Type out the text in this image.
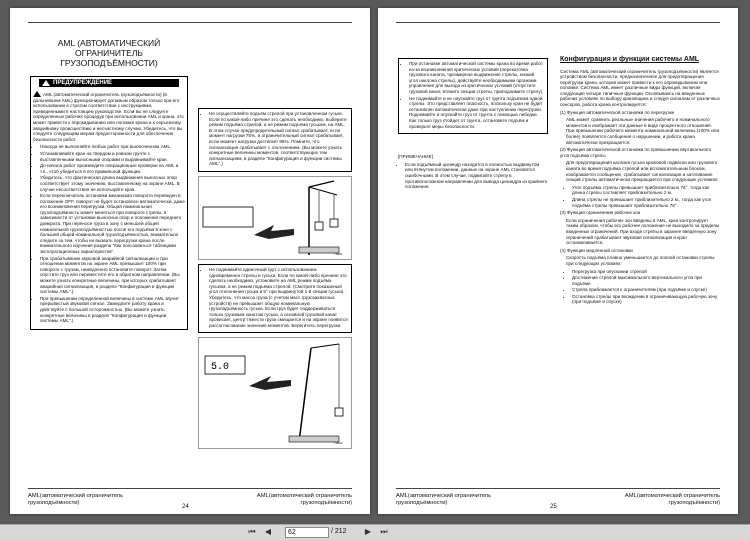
AML (АВТОМАТИЧЕСКИЙ ОГРАНИЧИТЕЛЬ ГРУЗОПОДЪЁМНОСТИ)
ПРЕДУПРЕЖДЕНИЕ

AML (автоматический ограничитель грузоподъёмности) (в дальнейшем AML) функционирует должным образом только при его использовании в строгом соответствии с инструкциями, приведенными в настоящем руководстве. Если вы не следуете определенных рабочих процедур при использовании AML и крана, это может привести к опрокидыванию или поломке крана и к серьезному аварийному происшествию и несчастному случаю. Убедитесь, что вы следуете следующим мерам предосторожности для обеспечения безопасности работ.

• Никогда не выполняйте любых работ при выключенном AML.
• Устанавливайте кран на твердом и ровном грунте с выставленными выносными опорами и выравнивайте кран.
• До начала работ произведите операционные проверки на AML и т.п., чтоб убедиться в его правильной функции.
• Убедитесь, что фактическая длина выдвижения выносных опор соответствует этому значению, выставленному на экране AML. В случае несоответствия не используйте кран.
• Если переключатель остановки механизма поворота переведен в положение OFF, поворот не будет остановлен автоматически, даже его возникновения перегрузки. Общая номинальная грузоподъёмность может меняться при повороте стрелы, в зависимости от установки выносных опор и положения переднего домкрата. При переносе груза в зону с меньшей общей номинальной грузоподъёмностью после его подъёма в зоне с большей общей номинальной грузоподъёмностью, внимательно следите за тем, чтобы не вызвать перегрузки крана после внимательного изучения раздела "Как пользоваться таблицами эксплуатационных характеристик".
• При срабатывании звуковой аварийной сигнализации и при отношении моментов на экране AML превышает 100% при повороте с грузом, немедленно остановите поворот. Затем опустите груз или переместите его в обратном направлении. (Вы можете узнать конкретные величины, при которых срабатывает аварийная сигнализация, в разделе "Конфигурация и функции системы AML".)
• При превышении определенной величины в системе AML звучит прерывистый звуковой сигнал. Замедлите работу крана и действуйте с большой осторожностью. (Вы можете узнать конкретные величины в разделе "Конфигурация и функции системы AML".)
• Не осуществляйте подъём стрелой при установленном гуське. Если по какой-либо причине это сделать необходимо, выберите режим подъёма стрелой, а не режим подъёма гуськом, на AML. В этом случае предупредительный сигнал срабатывает, если момент нагрузки 75%, и ограничительный сигнал срабатывает, если момент нагрузки достигает 85%. Помните, что сигнализация срабатывает с отклонением. (Вы можете узнать конкретные величины моментов, соответствующих тем сигнализациям, в разделе "Конфигурация и функции системы AML".)
T0001
• Не поднимайте одиночный груз с использованием одновременно стрелы и гуська. Если по какой-либо причине это сделать необходимо, установите на AML режим подъёма гуськом, а не режим подъёма стрелой. (Смотрите показанный угол отклонения гуська в 5° при выдвинутой 1-й секции гуська). Убедитесь, что масса груза (с учетом масс грузозахватных устройств) не превышает общую номинальную грузоподъёмность гуська. Если груз будет поддерживаться только грузовым канатом гуська, а основной грузовой канат провисает, центр тяжести груза смещается и на экране появится рассогласование значения моментов. Берегитесь перегрузки.
5.0
T0002
AML(автоматический ограничитель грузоподъёмности)
AML(автоматический ограничитель грузоподъёмности)
24
• При остановке автоматической системы крана во время работ из-за возникновения критических условий (перекаточка грузового каната, чрезмерное выдвижение стрелы, низкий угол наклона стрелы), действуйте необходимыми органами управления для выхода из критических условий (отпустите грузовой канат, втяните секции стрелы, приподнимите стрелу).
• Не поднимайте и не опускайте груз от грунта подъёмом одной стрелы. Это представляет опасность, поскольку кран не будет остановлен автоматически даже при наступлении перегрузки. Поднимайте и опускайте груз от грунта с помощью лебедки. Как только груз отойдет от грунта, остановите подъём и проверьте меры безопасности.

[ПРИМЕЧАНИЕ]

• Если подъёмный цилиндр находится в полностью выдвинутом или втянутом положении, данные на экране AML становятся ошибочными. В этом случае, подвигайте стрелу в противоположном направлении для вывода цилиндра из крайнего положения.
Конфигурация и функции системы AML

Система AML (автоматический ограничитель грузоподъёмности) является устройством безопасности, предназначенное для предотвращения перегрузки крана, которая может привести к его опрокидыванию или поломке. Система AML имеет различные виды функций, включая следующие четыре типичные функции. Основываясь на введенных рабочих условиях по выбору крановщика и следуя сигналам от различных сенсоров, работа крана контролируется:

(1) Функция автоматической остановки по перегрузке

AML может сравнить реальные значения рабочего и номинального моментов и изображает эти данные в виде процентного отношения. При превышении рабочего момента номинальной величины (100% или более) появляется сообщение о нарушении, и работа крана автоматически прекращается.

(2) Функция автоматической остановки по превышению вертикального угла подъёма стрелы

Для предотвращения касания гуська крюковой подвески или грузового каната во время подъёма стрелой или вспомогательным блоком, изображается сообщение, срабатывает сигнализация и затягивание секций стрелы автоматически прекращается при следующих условиях:

• Угол подъёма стрелы превышает приблизительно 76°, тогда как длина стрелы составляет приблизительно 2 м.
• Длина стрелы не превышает приблизительно 2 м., тогда как угол подъёма стрелы превышает приблизительно 76°.

(3) Функция ограничения рабочих зон

Если ограничения рабочих зон введены в AML, кран контролирует таким образом, чтобы его рабочее положение не выходило за пределы введенных ограничений. При входе стрелы в заранее введенную зону ограничений срабатывает звуковая сигнализация и кран останавливается.

(4) Функция медленной остановки

Скорость подъёма плавно уменьшается до полной остановки стрелы при следующих условиях:

• Перегрузка при опускании стрелой
• Достижение стрелой максимального вертикального угла при подъёме
• Стрела приближается к ограничителям (при подъёме и спуске)
• Остановка стрелы при вхождении в ограничивающую рабочую зону (при подъёме и спуске)
AML(автоматический ограничитель грузоподъёмности)
AML(автоматический ограничитель грузоподъёмности)
25
⏮	◀	62	/ 212	▶	⏭
